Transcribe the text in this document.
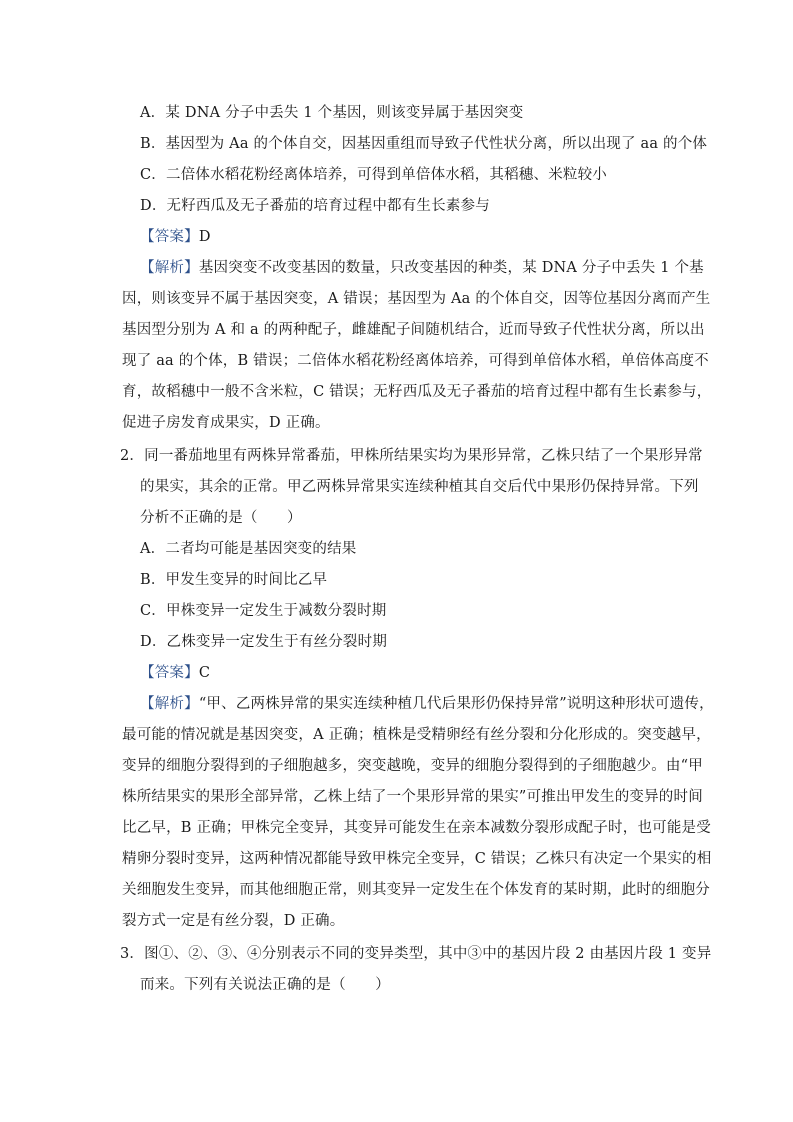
A．某 DNA 分子中丢失 1 个基因，则该变异属于基因突变
B．基因型为 Aa 的个体自交，因基因重组而导致子代性状分离，所以出现了 aa 的个体
C．二倍体水稻花粉经离体培养，可得到单倍体水稻，其稻穗、米粒较小
D．无籽西瓜及无子番茄的培育过程中都有生长素参与
【答案】D
【解析】基因突变不改变基因的数量，只改变基因的种类，某 DNA 分子中丢失 1 个基
因，则该变异不属于基因突变，A 错误；基因型为 Aa 的个体自交，因等位基因分离而产生
基因型分别为 A 和 a 的两种配子，雌雄配子间随机结合，近而导致子代性状分离，所以出
现了 aa 的个体，B 错误；二倍体水稻花粉经离体培养，可得到单倍体水稻，单倍体高度不
育，故稻穗中一般不含米粒，C 错误；无籽西瓜及无子番茄的培育过程中都有生长素参与，
促进子房发育成果实，D 正确。
2．同一番茄地里有两株异常番茄，甲株所结果实均为果形异常，乙株只结了一个果形异常
的果实，其余的正常。甲乙两株异常果实连续种植其自交后代中果形仍保持异常。下列
分析不正确的是（　　）
A．二者均可能是基因突变的结果
B．甲发生变异的时间比乙早
C．甲株变异一定发生于减数分裂时期
D．乙株变异一定发生于有丝分裂时期
【答案】C
【解析】“甲、乙两株异常的果实连续种植几代后果形仍保持异常”说明这种形状可遗传，
最可能的情况就是基因突变，A 正确；植株是受精卵经有丝分裂和分化形成的。突变越早，
变异的细胞分裂得到的子细胞越多，突变越晚，变异的细胞分裂得到的子细胞越少。由“甲
株所结果实的果形全部异常，乙株上结了一个果形异常的果实”可推出甲发生的变异的时间
比乙早，B 正确；甲株完全变异，其变异可能发生在亲本减数分裂形成配子时，也可能是受
精卵分裂时变异，这两种情况都能导致甲株完全变异，C 错误；乙株只有决定一个果实的相
关细胞发生变异，而其他细胞正常，则其变异一定发生在个体发育的某时期，此时的细胞分
裂方式一定是有丝分裂，D 正确。
3．图①、②、③、④分别表示不同的变异类型，其中③中的基因片段 2 由基因片段 1 变异
而来。下列有关说法正确的是（　　）
